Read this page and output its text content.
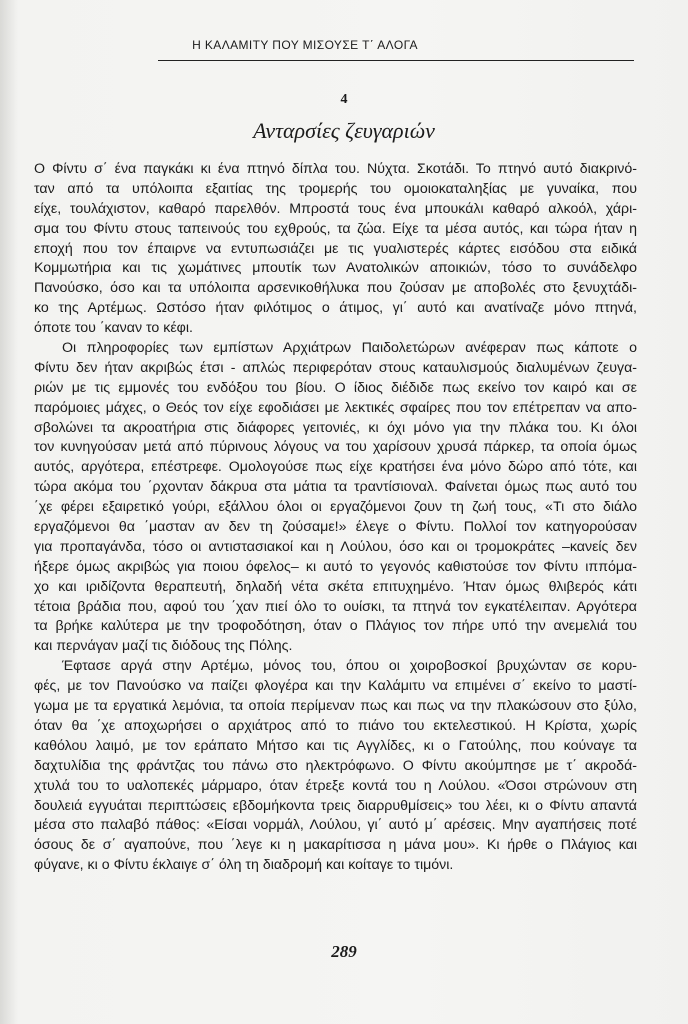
Η ΚΑΛΑΜΙΤΥ ΠΟΥ ΜΙΣΟΥΣΕ Τ΄ ΑΛΟΓΑ
4
Ανταρσίες ζευγαριών
Ο Φίντυ σ΄ ένα παγκάκι κι ένα πτηνό δίπλα του. Νύχτα. Σκοτάδι. Το πτηνό αυτό διακρινό-
ταν από τα υπόλοιπα εξαιτίας της τρομερής του ομοιοκαταληξίας με γυναίκα, που
είχε, τουλάχιστον, καθαρό παρελθόν. Μπροστά τους ένα μπουκάλι καθαρό αλκοόλ, χάρι-
σμα του Φίντυ στους ταπεινούς του εχθρούς, τα ζώα. Είχε τα μέσα αυτός, και τώρα ήταν η
εποχή που τον έπαιρνε να εντυπωσιάζει με τις γυαλιστερές κάρτες εισόδου στα ειδικά
Κομμωτήρια και τις χωμάτινες μπουτίκ των Ανατολικών αποικιών, τόσο το συνάδελφο
Πανούσκο, όσο και τα υπόλοιπα αρσενικοθήλυκα που ζούσαν με αποβολές στο ξενυχτάδι-
κο της Αρτέμως. Ωστόσο ήταν φιλότιμος ο άτιμος, γι΄ αυτό και ανατίναζε μόνο πτηνά,
όποτε του ΄καναν το κέφι.
Οι πληροφορίες των εμπίστων Αρχιάτρων Παιδολετώρων ανέφεραν πως κάποτε ο
Φίντυ δεν ήταν ακριβώς έτσι - απλώς περιφερόταν στους καταυλισμούς διαλυμένων ζευγα-
ριών με τις εμμονές του ενδόξου του βίου. Ο ίδιος διέδιδε πως εκείνο τον καιρό και σε
παρόμοιες μάχες, ο Θεός τον είχε εφοδιάσει με λεκτικές σφαίρες που τον επέτρεπαν να απο-
σβολώνει τα ακροατήρια στις διάφορες γειτονιές, κι όχι μόνο για την πλάκα του. Κι όλοι
τον κυνηγούσαν μετά από πύρινους λόγους να του χαρίσουν χρυσά πάρκερ, τα οποία όμως
αυτός, αργότερα, επέστρεφε. Ομολογούσε πως είχε κρατήσει ένα μόνο δώρο από τότε, και
τώρα ακόμα του ΄ρχονταν δάκρυα στα μάτια τα τραντίσιοναλ. Φαίνεται όμως πως αυτό του
΄χε φέρει εξαιρετικό γούρι, εξάλλου όλοι οι εργαζόμενοι ζουν τη ζωή τους, «Τι στο διάλο
εργαζόμενοι θα ΄μασταν αν δεν τη ζούσαμε!» έλεγε ο Φίντυ. Πολλοί τον κατηγορούσαν
για προπαγάνδα, τόσο οι αντιστασιακοί και η Λούλου, όσο και οι τρομοκράτες –κανείς δεν
ήξερε όμως ακριβώς για ποιου όφελος– κι αυτό το γεγονός καθιστούσε τον Φίντυ ιππόμα-
χο και ιριδίζοντα θεραπευτή, δηλαδή νέτα σκέτα επιτυχημένο. Ήταν όμως θλιβερός κάτι
τέτοια βράδια που, αφού του ΄χαν πιεί όλο το ουίσκι, τα πτηνά τον εγκατέλειπαν. Αργότερα
τα βρήκε καλύτερα με την τροφοδότηση, όταν ο Πλάγιος τον πήρε υπό την ανεμελιά του
και περνάγαν μαζί τις διόδους της Πόλης.
Έφτασε αργά στην Αρτέμω, μόνος του, όπου οι χοιροβοσκοί βρυχώνταν σε κορυ-
φές, με τον Πανούσκο να παίζει φλογέρα και την Καλάμιτυ να επιμένει σ΄ εκείνο το μαστί-
γωμα με τα εργατικά λεμόνια, τα οποία περίμεναν πως και πως να την πλακώσουν στο ξύλο,
όταν θα ΄χε αποχωρήσει ο αρχιάτρος από το πιάνο του εκτελεστικού. Η Κρίστα, χωρίς
καθόλου λαιμό, με τον εράπατο Μήτσο και τις Αγγλίδες, κι ο Γατούλης, που κούναγε τα
δαχτυλίδια της φράντζας του πάνω στο ηλεκτρόφωνο. Ο Φίντυ ακούμπησε με τ΄ ακροδά-
χτυλά του το υαλοπεκές μάρμαρο, όταν έτρεξε κοντά του η Λούλου. «Όσοι στρώνουν στη
δουλειά εγγυάται περιπτώσεις εβδομήκοντα τρεις διαρρυθμίσεις» του λέει, κι ο Φίντυ απαντά
μέσα στο παλαβό πάθος: «Είσαι νορμάλ, Λούλου, γι΄ αυτό μ΄ αρέσεις. Μην αγαπήσεις ποτέ
όσους δε σ΄ αγαπούνε, που ΄λεγε κι η μακαρίτισσα η μάνα μου». Κι ήρθε ο Πλάγιος και
φύγανε, κι ο Φίντυ έκλαιγε σ΄ όλη τη διαδρομή και κοίταγε το τιμόνι.
289
